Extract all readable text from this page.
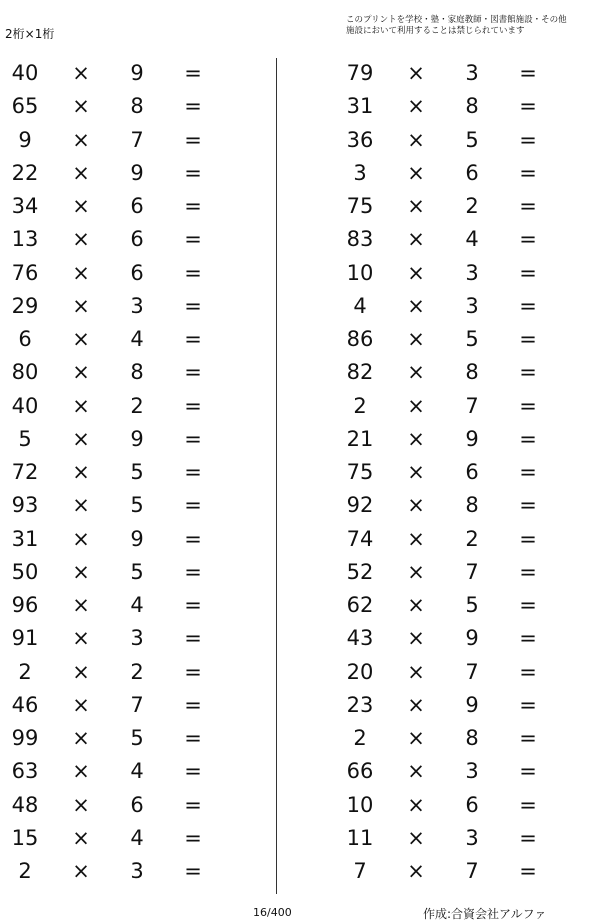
2桁×1桁
このプリントを学校・塾・家庭教師・図書館施設・その他
施設において利用することは禁じられています
40	×	9	=
65	×	8	=
9	×	7	=
22	×	9	=
34	×	6	=
13	×	6	=
76	×	6	=
29	×	3	=
6	×	4	=
80	×	8	=
40	×	2	=
5	×	9	=
72	×	5	=
93	×	5	=
31	×	9	=
50	×	5	=
96	×	4	=
91	×	3	=
2	×	2	=
46	×	7	=
99	×	5	=
63	×	4	=
48	×	6	=
15	×	4	=
2	×	3	=
79	×	3	=
31	×	8	=
36	×	5	=
3	×	6	=
75	×	2	=
83	×	4	=
10	×	3	=
4	×	3	=
86	×	5	=
82	×	8	=
2	×	7	=
21	×	9	=
75	×	6	=
92	×	8	=
74	×	2	=
52	×	7	=
62	×	5	=
43	×	9	=
20	×	7	=
23	×	9	=
2	×	8	=
66	×	3	=
10	×	6	=
11	×	3	=
7	×	7	=
16/400	作成:合資会社アルファ
